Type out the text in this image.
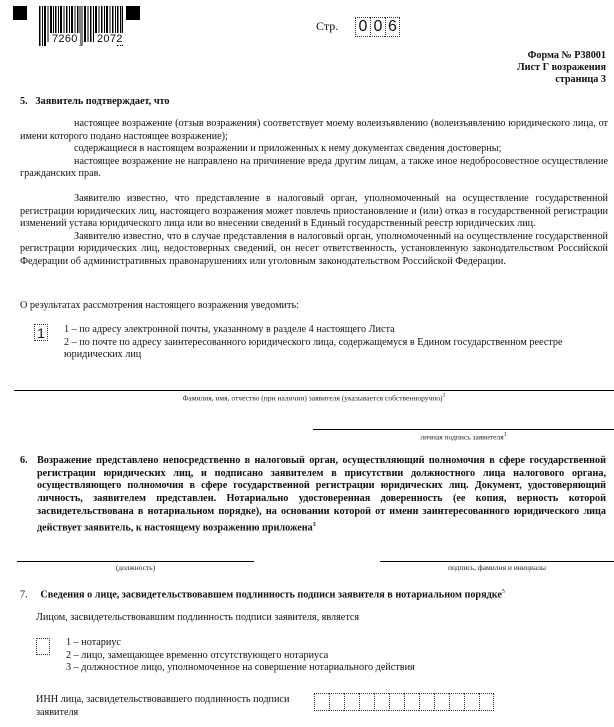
7260 2072
Стр. 0 0 6
Форма № Р38001
Лист Г возражения
страница 3
5. Заявитель подтверждает, что
настоящее возражение (отзыв возражения) соответствует моему волеизъявлению (волеизъявлению юридического лица, от имени которого подано настоящее возражение);
содержащиеся в настоящем возражении и приложенных к нему документах сведения достоверны;
настоящее возражение не направлено на причинение вреда другим лицам, а также иное недобросовестное осуществление гражданских прав.
Заявителю известно, что представление в налоговый орган, уполномоченный на осуществление государственной регистрации юридических лиц, настоящего возражения может повлечь приостановление и (или) отказ в государственной регистрации изменений устава юридического лица или во внесении сведений в Единый государственный реестр юридических лиц.
Заявителю известно, что в случае представления в налоговый орган, уполномоченный на осуществление государственной регистрации юридических лиц, недостоверных сведений, он несет ответственность, установленную законодательством Российской Федерации об административных правонарушениях или уголовным законодательством Российской Федерации.
О результатах рассмотрения настоящего возражения уведомить:
1	1 – по адресу электронной почты, указанному в разделе 4 настоящего Листа
2 – по почте по адресу заинтересованного юридического лица, содержащемуся в Едином государственном реестре юридических лиц
Фамилия, имя, отчество (при наличии) заявителя (указывается собственноручно)$^1$
личная подпись заявителя$^1$
6. Возражение представлено непосредственно в налоговый орган, осуществляющий полномочия в сфере государственной регистрации юридических лиц, и подписано заявителем в присутствии должностного лица налогового органа, осуществляющего полномочия в сфере государственной регистрации юридических лиц. Документ, удостоверяющий личность, заявителем представлен. Нотариально удостоверенная доверенность (ее копия, верность которой засвидетельствована в нотариальном порядке), на основании которой от имени заинтересованного юридического лица действует заявитель, к настоящему возражению приложена$^3$
(должность)	подпись, фамилия и инициалы
7. Сведения о лице, засвидетельствовавшем подлинность подписи заявителя в нотариальном порядке$^5$
Лицом, засвидетельствовавшим подлинность подписи заявителя, является
1 – нотариус
2 – лицо, замещающее временно отсутствующего нотариуса
3 – должностное лицо, уполномоченное на совершение нотариального действия
ИНН лица, засвидетельствовавшего подлинность подписи заявителя
